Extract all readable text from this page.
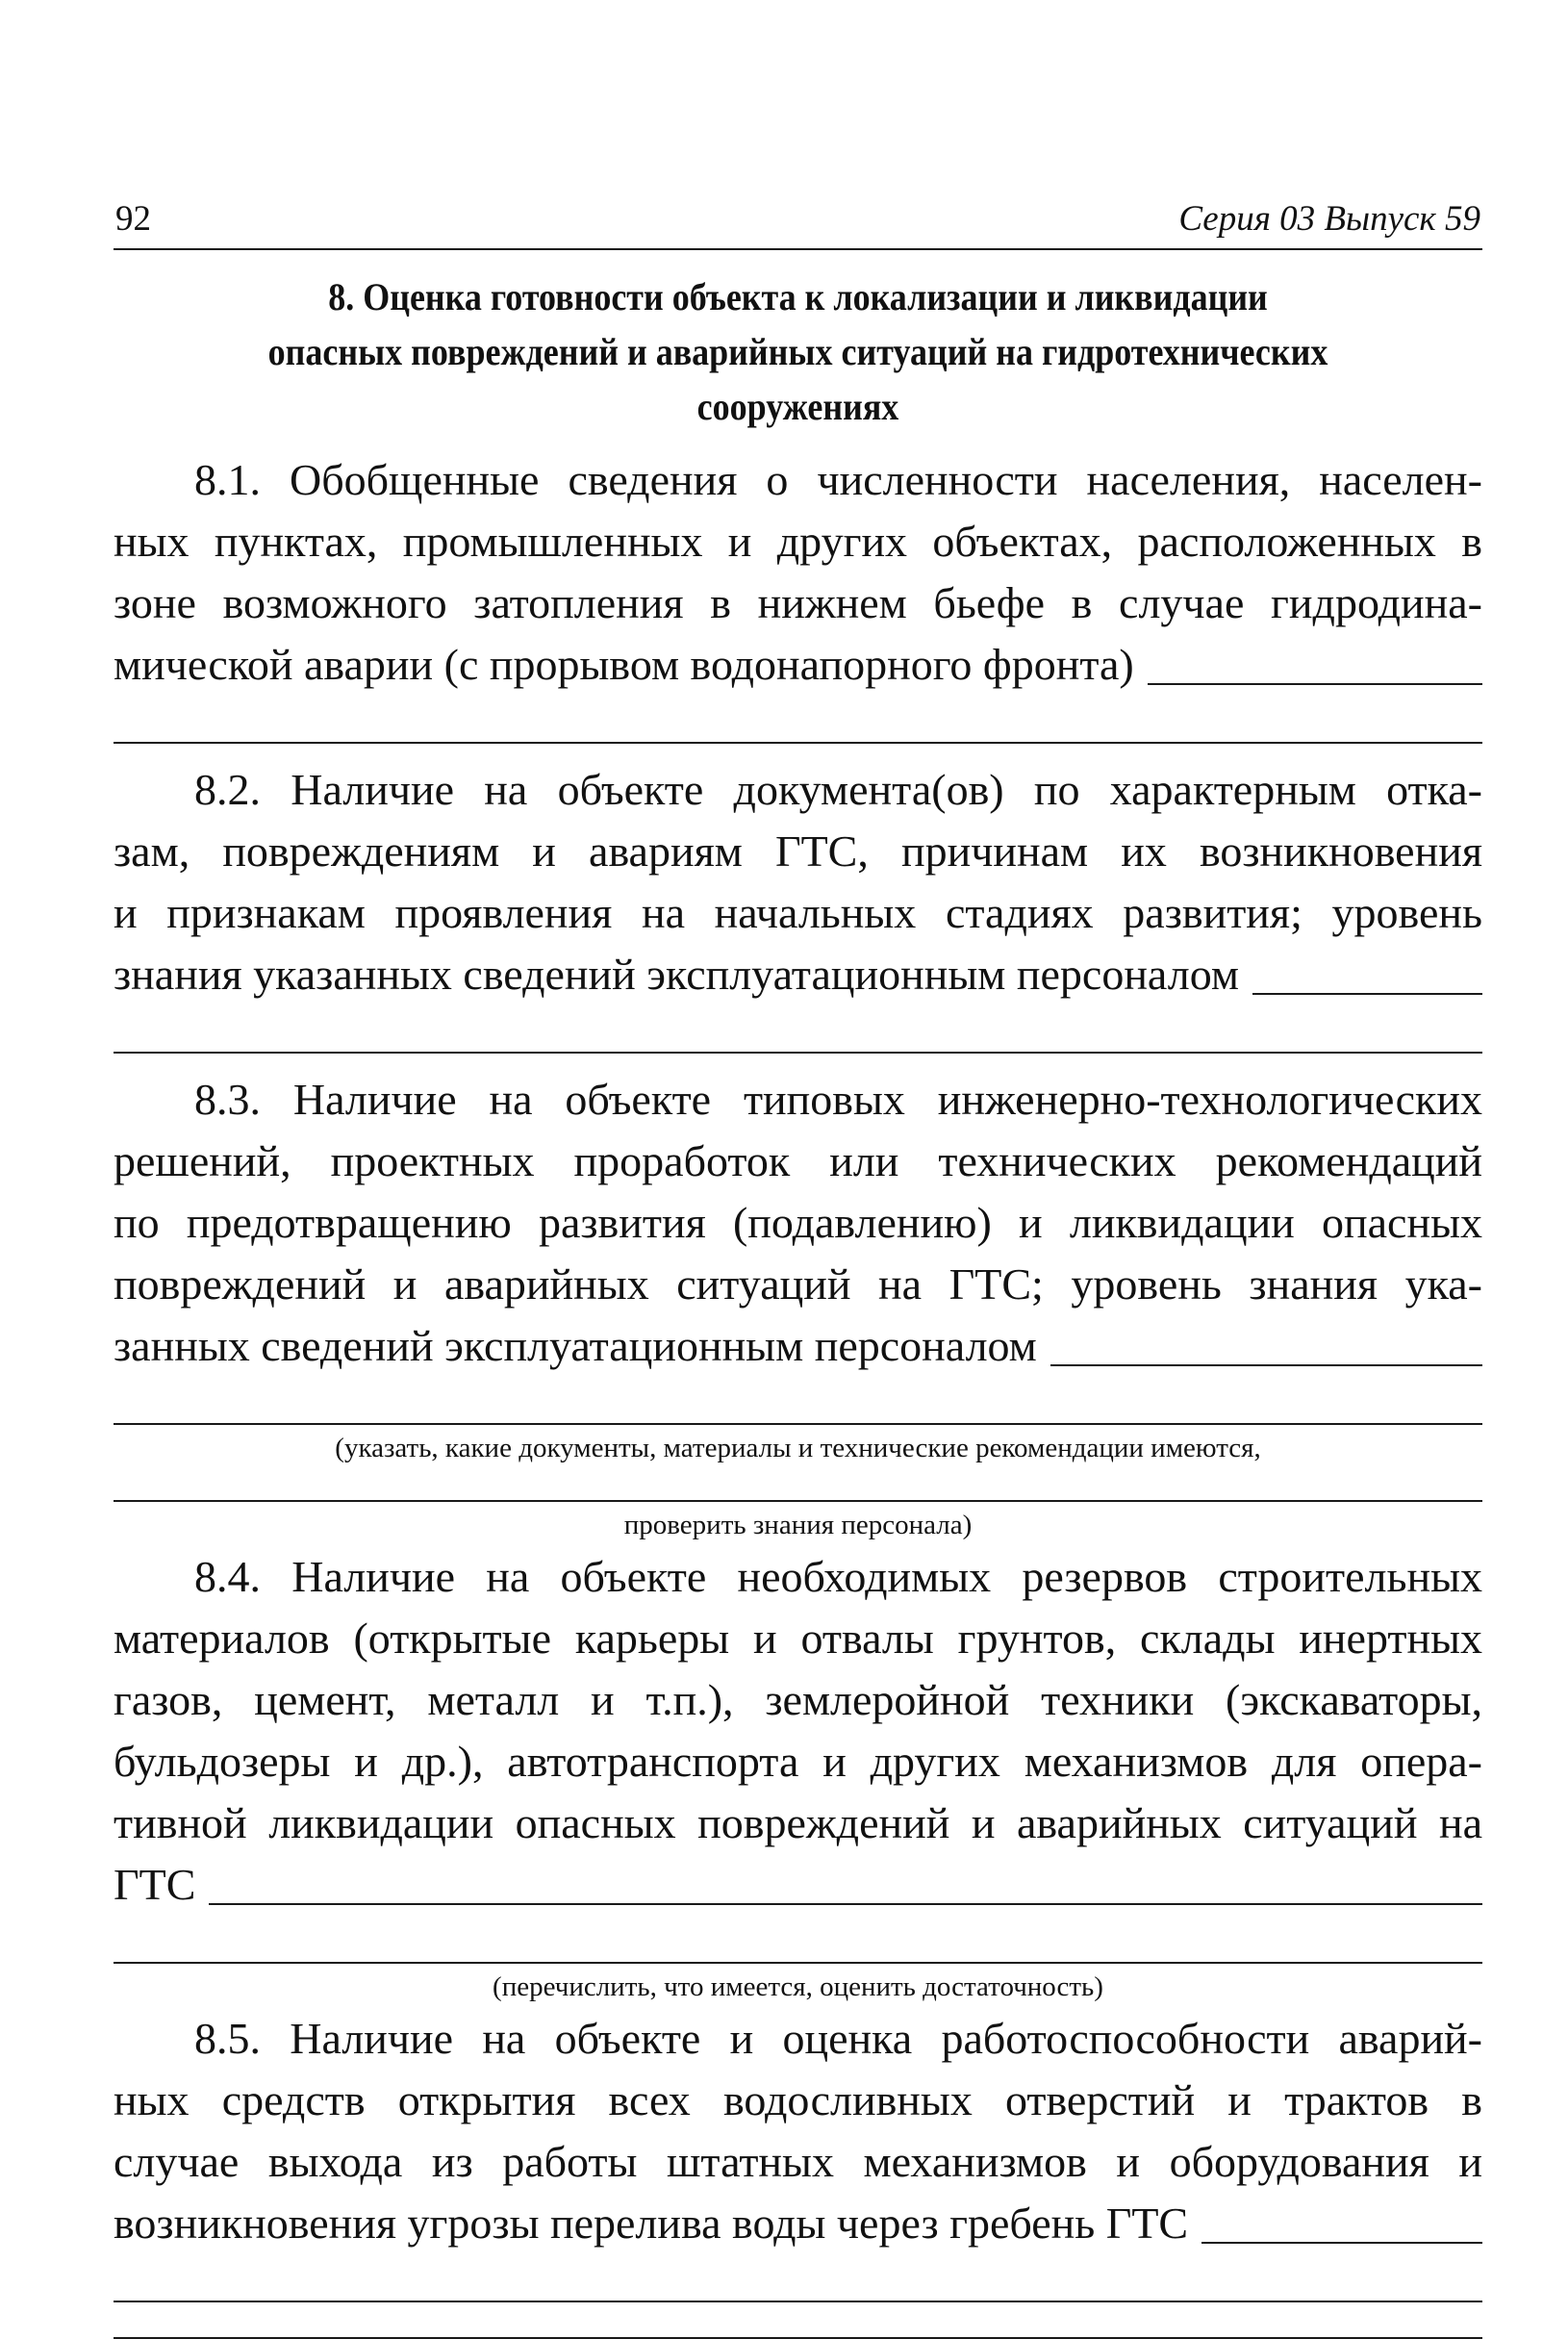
92	Серия 03 Выпуск 59
8. Оценка готовности объекта к локализации и ликвидации
опасных повреждений и аварийных ситуаций на гидротехнических
сооружениях
8.1. Обобщенные сведения о численности населения, населен-
ных пунктах, промышленных и других объектах, расположенных в
зоне возможного затопления в нижнем бьефе в случае гидродина-
мической аварии (с прорывом водонапорного фронта)
8.2. Наличие на объекте документа(ов) по характерным отка-
зам, повреждениям и авариям ГТС, причинам их возникновения
и признакам проявления на начальных стадиях развития; уровень
знания указанных сведений эксплуатационным персоналом
8.3. Наличие на объекте типовых инженерно-технологических
решений, проектных проработок или технических рекомендаций
по предотвращению развития (подавлению) и ликвидации опасных
повреждений и аварийных ситуаций на ГТС; уровень знания ука-
занных сведений эксплуатационным персоналом
(указать, какие документы, материалы и технические рекомендации имеются,
проверить знания персонала)
8.4. Наличие на объекте необходимых резервов строительных
материалов (открытые карьеры и отвалы грунтов, склады инертных
газов, цемент, металл и т.п.), землеройной техники (экскаваторы,
бульдозеры и др.), автотранспорта и других механизмов для опера-
тивной ликвидации опасных повреждений и аварийных ситуаций на
ГТС
(перечислить, что имеется, оценить достаточность)
8.5. Наличие на объекте и оценка работоспособности аварий-
ных средств открытия всех водосливных отверстий и трактов в
случае выхода из работы штатных механизмов и оборудования и
возникновения угрозы перелива воды через гребень ГТС
